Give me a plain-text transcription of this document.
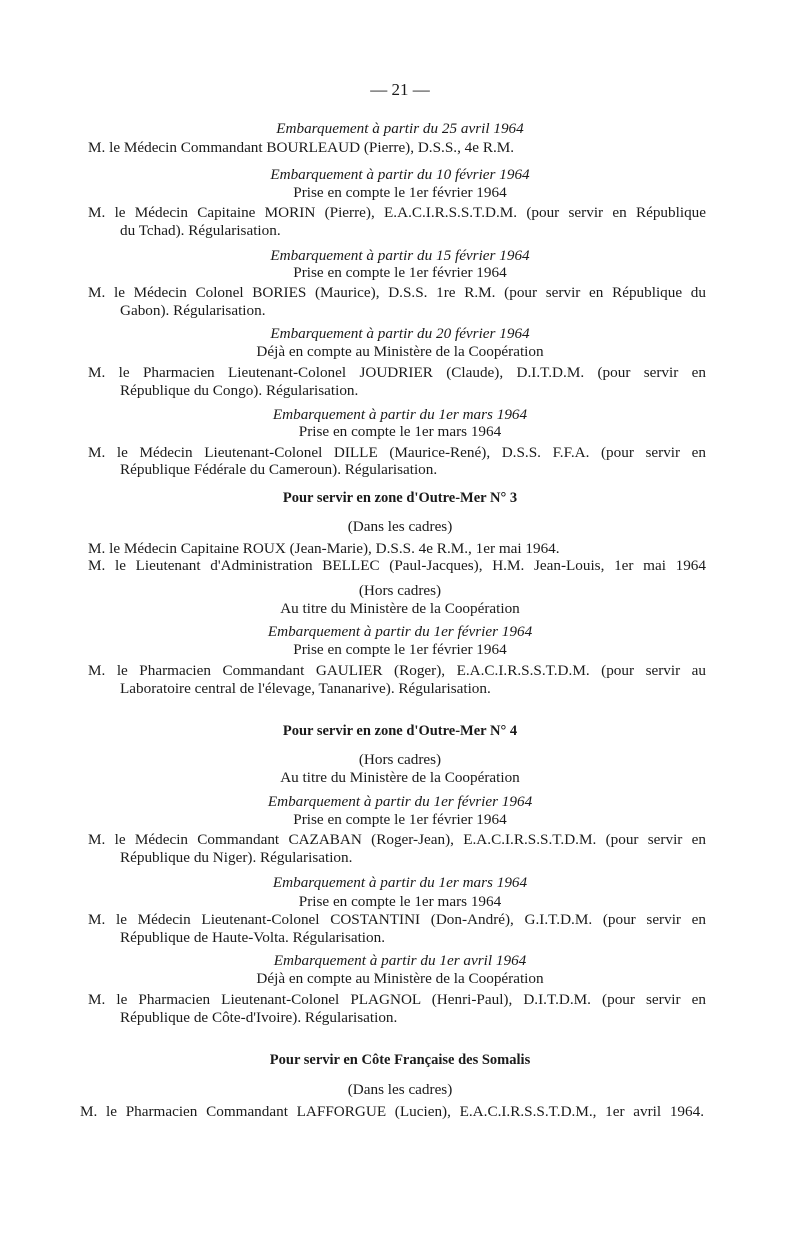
— 21 —
Embarquement à partir du 25 avril 1964
M. le Médecin Commandant BOURLEAUD (Pierre), D.S.S., 4e R.M.
Embarquement à partir du 10 février 1964
Prise en compte le 1er février 1964
M. le Médecin Capitaine MORIN (Pierre), E.A.C.I.R.S.S.T.D.M. (pour servir en République
du Tchad). Régularisation.
Embarquement à partir du 15 février 1964
Prise en compte le 1er février 1964
M. le Médecin Colonel BORIES (Maurice), D.S.S. 1re R.M. (pour servir en République du
Gabon). Régularisation.
Embarquement à partir du 20 février 1964
Déjà en compte au Ministère de la Coopération
M. le Pharmacien Lieutenant-Colonel JOUDRIER (Claude), D.I.T.D.M. (pour servir en
République du Congo). Régularisation.
Embarquement à partir du 1er mars 1964
Prise en compte le 1er mars 1964
M. le Médecin Lieutenant-Colonel DILLE (Maurice-René), D.S.S. F.F.A. (pour servir en
République Fédérale du Cameroun). Régularisation.
Pour servir en zone d'Outre-Mer N° 3
(Dans les cadres)
M. le Médecin Capitaine ROUX (Jean-Marie), D.S.S. 4e R.M., 1er mai 1964.
M. le Lieutenant d'Administration BELLEC (Paul-Jacques), H.M. Jean-Louis, 1er mai 1964
(Hors cadres)
Au titre du Ministère de la Coopération
Embarquement à partir du 1er février 1964
Prise en compte le 1er février 1964
M. le Pharmacien Commandant GAULIER (Roger), E.A.C.I.R.S.S.T.D.M. (pour servir au
Laboratoire central de l'élevage, Tananarive). Régularisation.
Pour servir en zone d'Outre-Mer N° 4
(Hors cadres)
Au titre du Ministère de la Coopération
Embarquement à partir du 1er février 1964
Prise en compte le 1er février 1964
M. le Médecin Commandant CAZABAN (Roger-Jean), E.A.C.I.R.S.S.T.D.M. (pour servir en
République du Niger). Régularisation.
Embarquement à partir du 1er mars 1964
Prise en compte le 1er mars 1964
M. le Médecin Lieutenant-Colonel COSTANTINI (Don-André), G.I.T.D.M. (pour servir en
République de Haute-Volta. Régularisation.
Embarquement à partir du 1er avril 1964
Déjà en compte au Ministère de la Coopération
M. le Pharmacien Lieutenant-Colonel PLAGNOL (Henri-Paul), D.I.T.D.M. (pour servir en
République de Côte-d'Ivoire). Régularisation.
Pour servir en Côte Française des Somalis
(Dans les cadres)
M. le Pharmacien Commandant LAFFORGUE (Lucien), E.A.C.I.R.S.S.T.D.M., 1er avril 1964.
